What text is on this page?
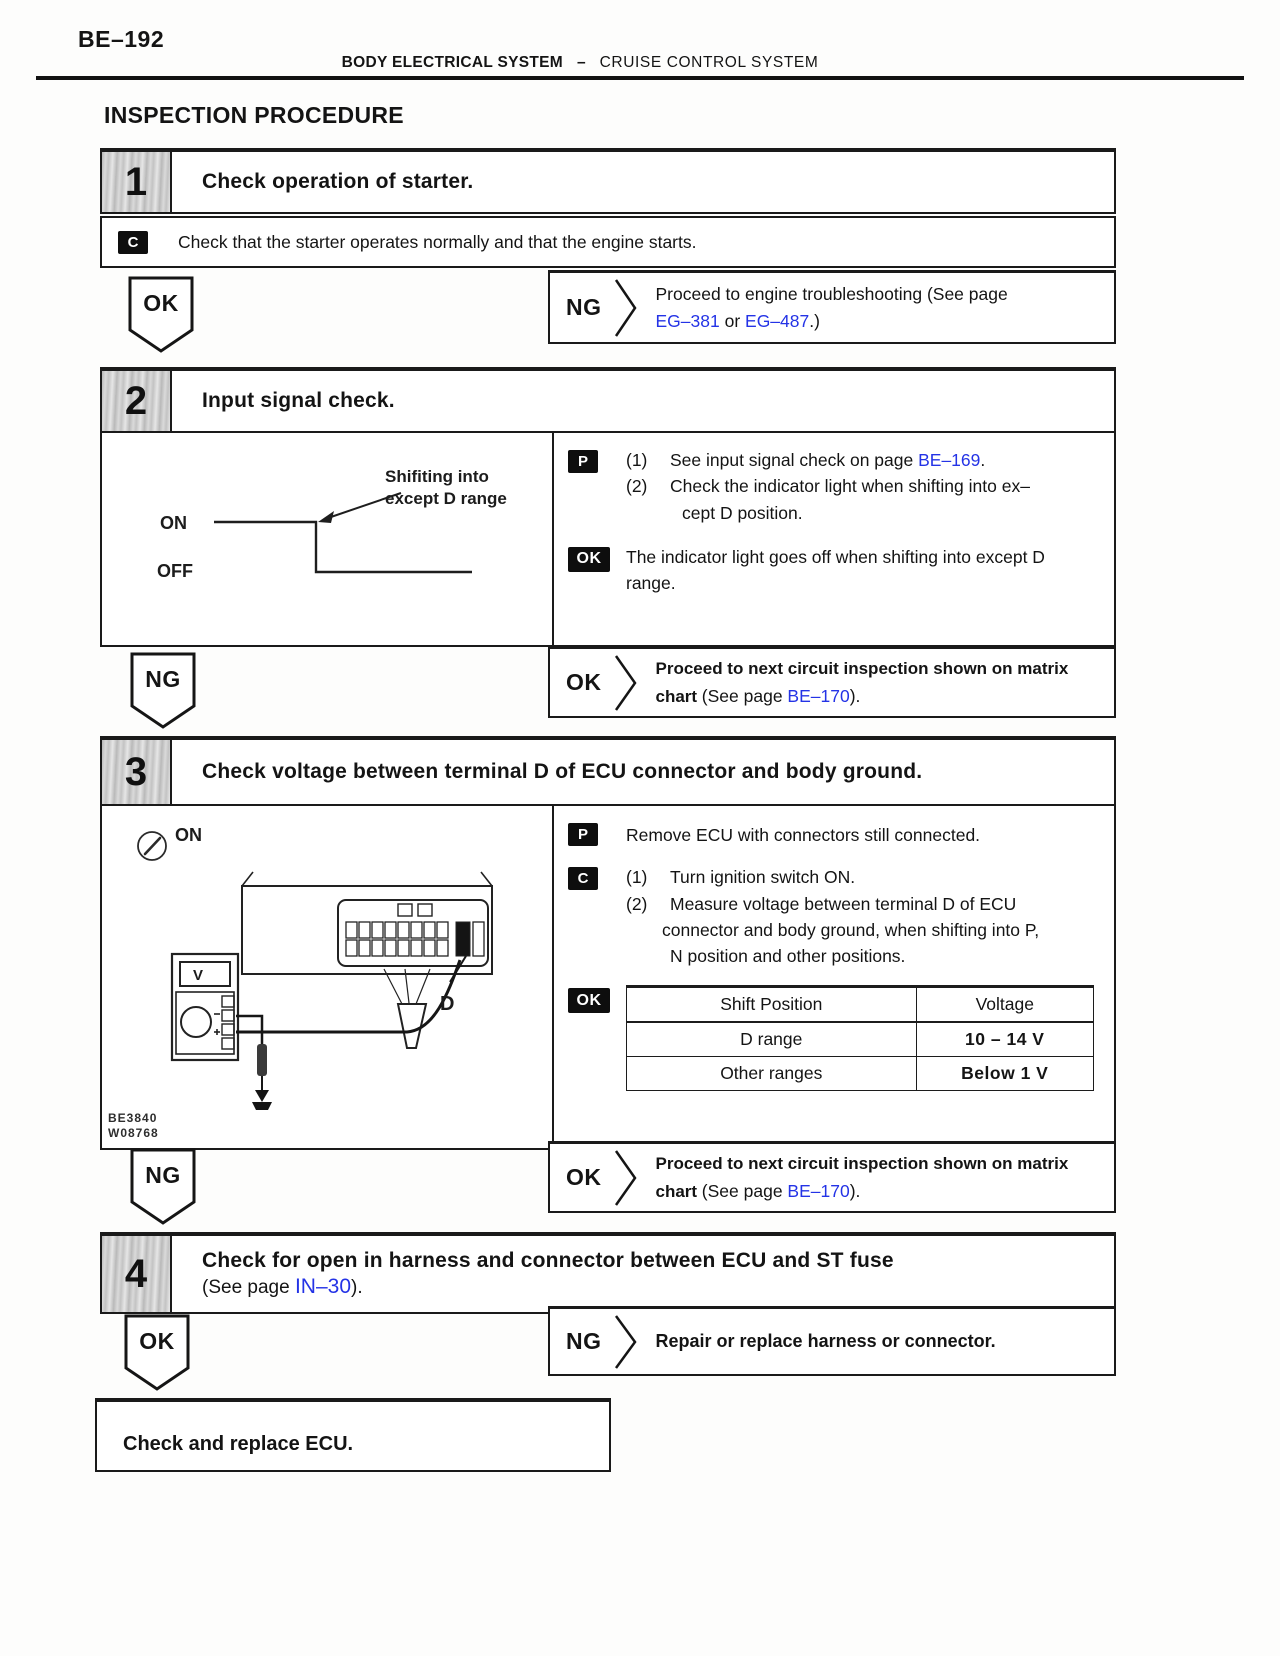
BE–192
BODY ELECTRICAL SYSTEM – CRUISE CONTROL SYSTEM
INSPECTION PROCEDURE
1	Check operation of starter.
C	Check that the starter operates normally and that the engine starts.
OK	NG	Proceed to engine troubleshooting (See page
EG–381 or EG–487.)
2	Input signal check.
ON
OFF
Shifiting into
except D range
P	(1)	See input signal check on page BE–169.
(2)	Check the indicator light when shifting into ex–
cept D position.
OK	The indicator light goes off when shifting into except D
range.
NG	OK
Proceed to next circuit inspection shown on matrix
chart (See page BE–170).
3	Check voltage between terminal D of ECU connector and body ground.
ON
V
D
BE3840
W08768
P	Remove ECU with connectors still connected.
C	(1)	Turn ignition switch ON.
(2)	Measure voltage between terminal D of ECU
connector and body ground, when shifting into P,
N position and other positions.
OK	Shift Position	Voltage
D range	10 – 14 V
Other ranges	Below 1 V
NG	OK
Proceed to next circuit inspection shown on matrix
chart (See page BE–170).
4	Check for open in harness and connector between ECU and ST fuse
(See page IN–30).
OK	NG	Repair or replace harness or connector.
Check and replace ECU.
